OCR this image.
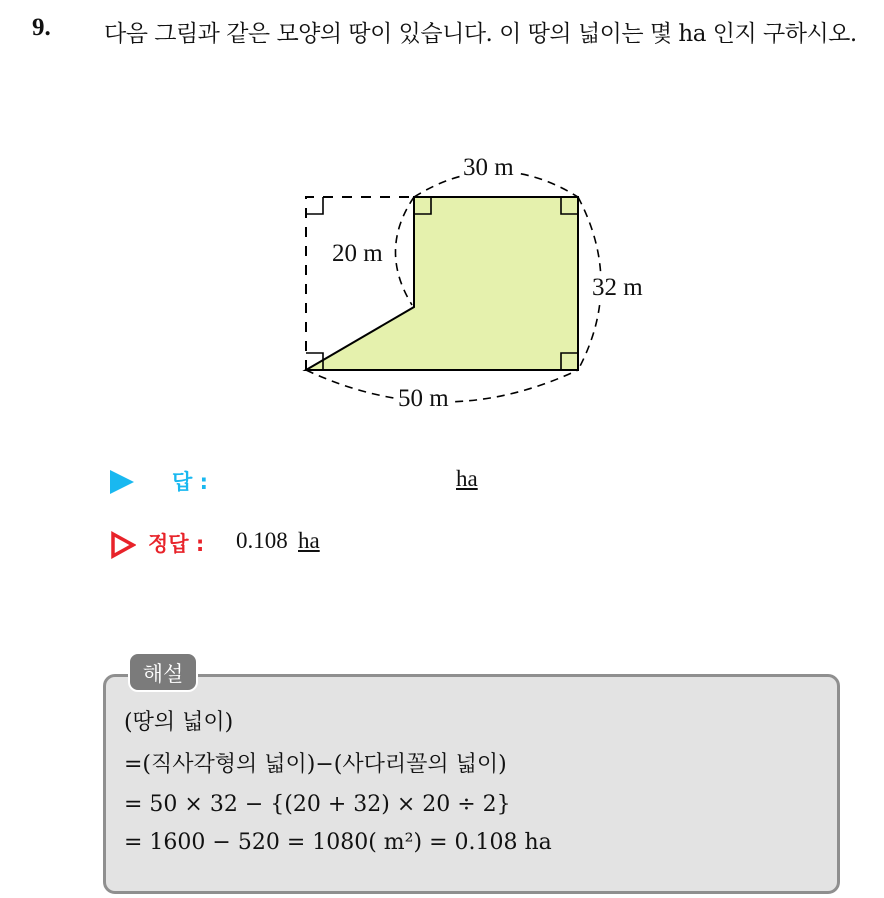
9. 다음 그림과 같은 모양의 땅이 있습니다. 이 땅의 넓이는 몇 ha 인지 구하시오.
30 m
20 m
32 m
50 m
답 :	ha
정답 : 0.108 ha
해설
(땅의 넓이)
=(직사각형의 넓이)−(사다리꼴의 넓이)
= 50 × 32 − {(20 + 32) × 20 ÷ 2}
= 1600 − 520 = 1080( m²) = 0.108 ha
